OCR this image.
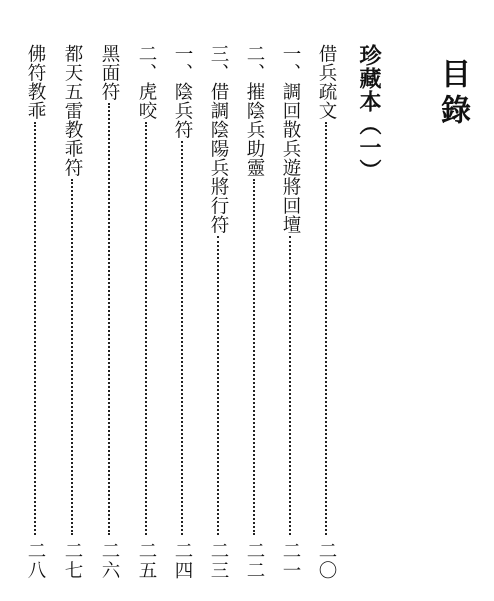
目錄
珍藏本（一）
借兵疏文
二〇
一、調回散兵遊將回壇
二一
二、摧陰兵助靈
二二
三、借調陰陽兵將行符
二三
一、陰兵符
二四
二、虎咬
二五
黑面符
二六
都天五雷教乖符
二七
佛符教乖
二八
